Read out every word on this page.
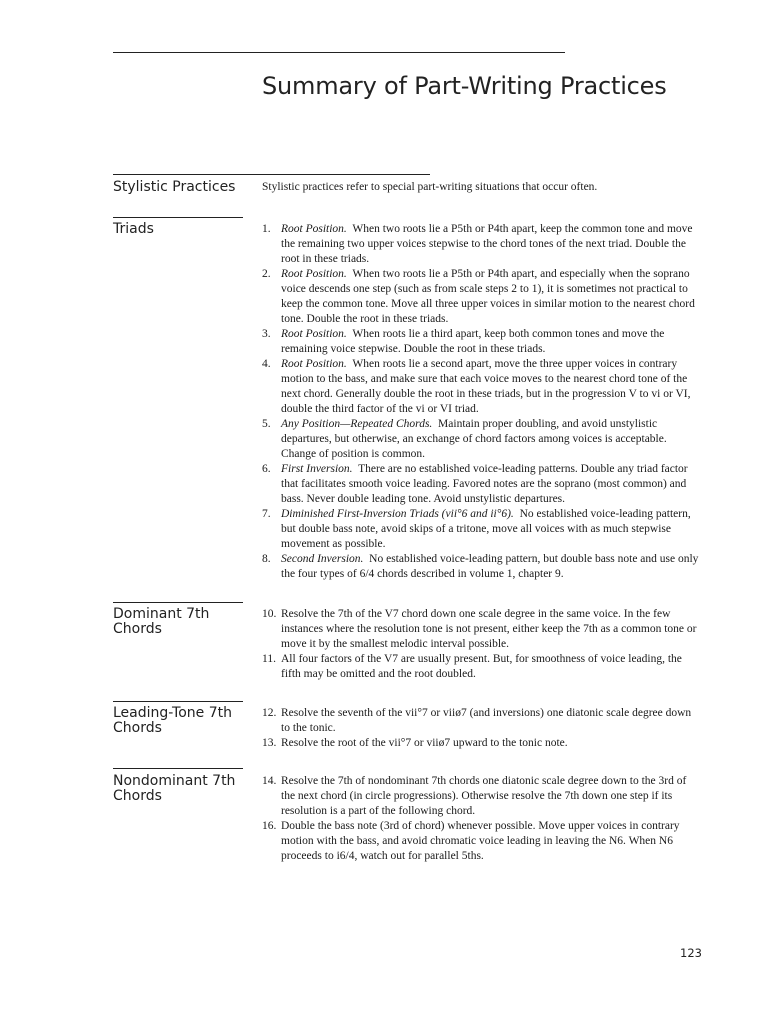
Summary of Part-Writing Practices
Stylistic Practices	Stylistic practices refer to special part-writing situations that occur often.
Triads	1. Root Position. When two roots lie a P5th or P4th apart, keep the common tone and move the remaining two upper voices stepwise to the chord tones of the next triad. Double the root in these triads.
2. Root Position. When two roots lie a P5th or P4th apart, and especially when the soprano voice descends one step (such as from scale steps 2 to 1), it is sometimes not practical to keep the common tone. Move all three upper voices in similar motion to the nearest chord tone. Double the root in these triads.
3. Root Position. When roots lie a third apart, keep both common tones and move the remaining voice stepwise. Double the root in these triads.
4. Root Position. When roots lie a second apart, move the three upper voices in contrary motion to the bass, and make sure that each voice moves to the nearest chord tone of the next chord. Generally double the root in these triads, but in the progression V to vi or VI, double the third factor of the vi or VI triad.
5. Any Position—Repeated Chords. Maintain proper doubling, and avoid unstylistic departures, but otherwise, an exchange of chord factors among voices is acceptable. Change of position is common.
6. First Inversion. There are no established voice-leading patterns. Double any triad factor that facilitates smooth voice leading. Favored notes are the soprano (most common) and bass. Never double leading tone. Avoid unstylistic departures.
7. Diminished First-Inversion Triads (vii°6 and ii°6). No established voice-leading pattern, but double bass note, avoid skips of a tritone, move all voices with as much stepwise movement as possible.
8. Second Inversion. No established voice-leading pattern, but double bass note and use only the four types of 6/4 chords described in volume 1, chapter 9.
Dominant 7th Chords
10. Resolve the 7th of the V7 chord down one scale degree in the same voice. In the few instances where the resolution tone is not present, either keep the 7th as a common tone or move it by the smallest melodic interval possible.
11. All four factors of the V7 are usually present. But, for smoothness of voice leading, the fifth may be omitted and the root doubled.
Leading-Tone 7th Chords
12. Resolve the seventh of the vii°7 or viiø7 (and inversions) one diatonic scale degree down to the tonic.
13. Resolve the root of the vii°7 or viiø7 upward to the tonic note.
Nondominant 7th Chords
14. Resolve the 7th of nondominant 7th chords one diatonic scale degree down to the 3rd of the next chord (in circle progressions). Otherwise resolve the 7th down one step if its resolution is a part of the following chord.
16. Double the bass note (3rd of chord) whenever possible. Move upper voices in contrary motion with the bass, and avoid chromatic voice leading in leaving the N6. When N6 proceeds to i6/4, watch out for parallel 5ths.
123
